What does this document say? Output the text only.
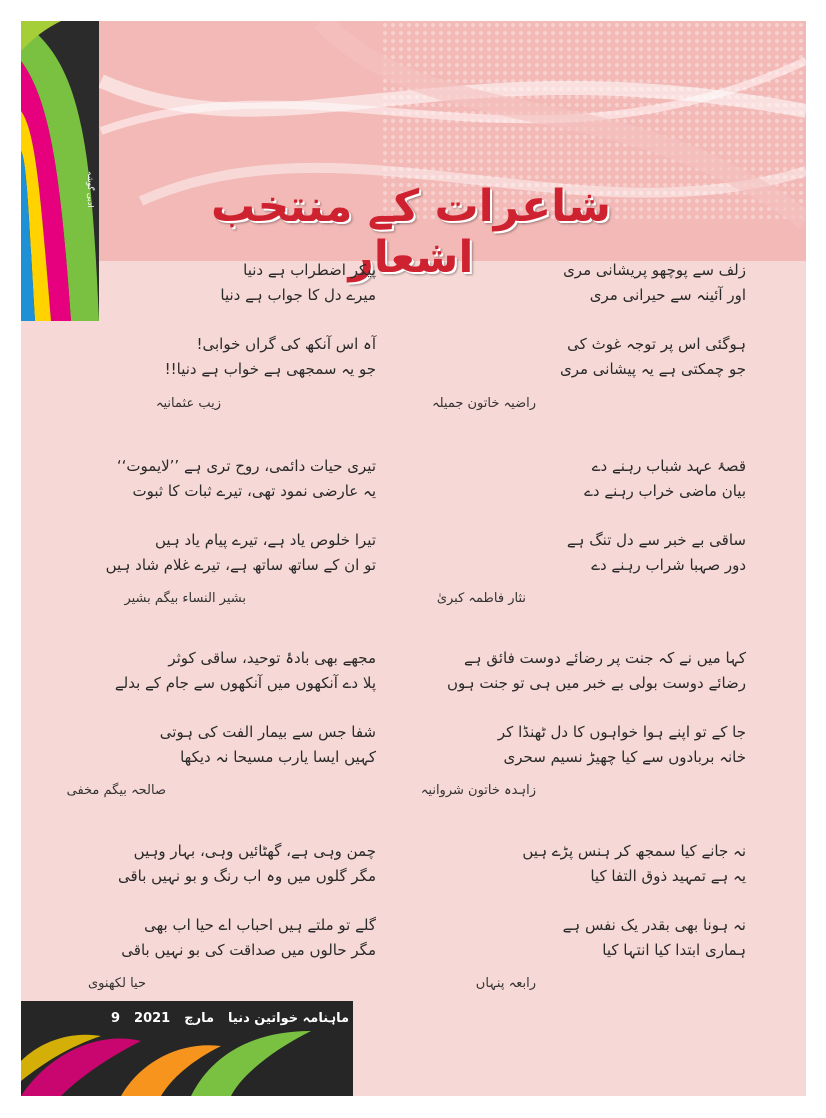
ادبی گوشہ	شاعرات کے منتخب اشعار	زلف سے پوچھو پریشانی مری
اور آئینہ سے حیرانی مری
ہوگئی اس پر توجہ غوث کی
جو چمکتی ہے یہ پیشانی مری
راضیہ خاتون جمیلہ
پیکر اضطراب ہے دنیا
میرے دل کا جواب ہے دنیا
آہ اس آنکھ کی گراں خوابی!
جو یہ سمجھی ہے خواب ہے دنیا!!
زیب عثمانیہ
قصۂ عہد شباب رہنے دے
بیان ماضی خراب رہنے دے
ساقی بے خبر سے دل تنگ ہے
دور صہبا شراب رہنے دے
نثار فاطمہ کبریٰ
تیری حیات دائمی، روح تری ہے ’’لایموت‘‘
یہ عارضی نمود تھی، تیرے ثبات کا ثبوت
تیرا خلوص یاد ہے، تیرے پیام یاد ہیں
تو ان کے ساتھ ساتھ ہے، تیرے غلام شاد ہیں
بشیر النساء بیگم بشیر
کہا میں نے کہ جنت پر رضائے دوست فائق ہے
رضائے دوست بولی بے خبر میں ہی تو جنت ہوں
جا کے تو اپنے ہوا خواہوں کا دل ٹھنڈا کر
خانہ بربادوں سے کیا چھیڑ نسیم سحری
زاہدہ خاتون شروانیہ
مجھے بھی بادۂ توحید، ساقی کوثر
پلا دے آنکھوں میں آنکھوں سے جام کے بدلے
شفا جس سے بیمار الفت کی ہوتی
کہیں ایسا یارب مسیحا نہ دیکھا
صالحہ بیگم مخفی
نہ جانے کیا سمجھ کر ہنس پڑے ہیں
یہ ہے تمہید ذوق التفا کیا
نہ ہونا بھی بقدر یک نفس ہے
ہماری ابتدا کیا انتہا کیا
رابعہ پنہاں
چمن وہی ہے، گھٹائیں وہی، بہار وہیں
مگر گلوں میں وہ اب رنگ و بو نہیں باقی
گلے تو ملتے ہیں احباب اے حیا اب بھی
مگر حالوں میں صداقت کی بو نہیں باقی
حیا لکھنوی
ماہنامہ خواتین دنیا
مارچ
2021
9
